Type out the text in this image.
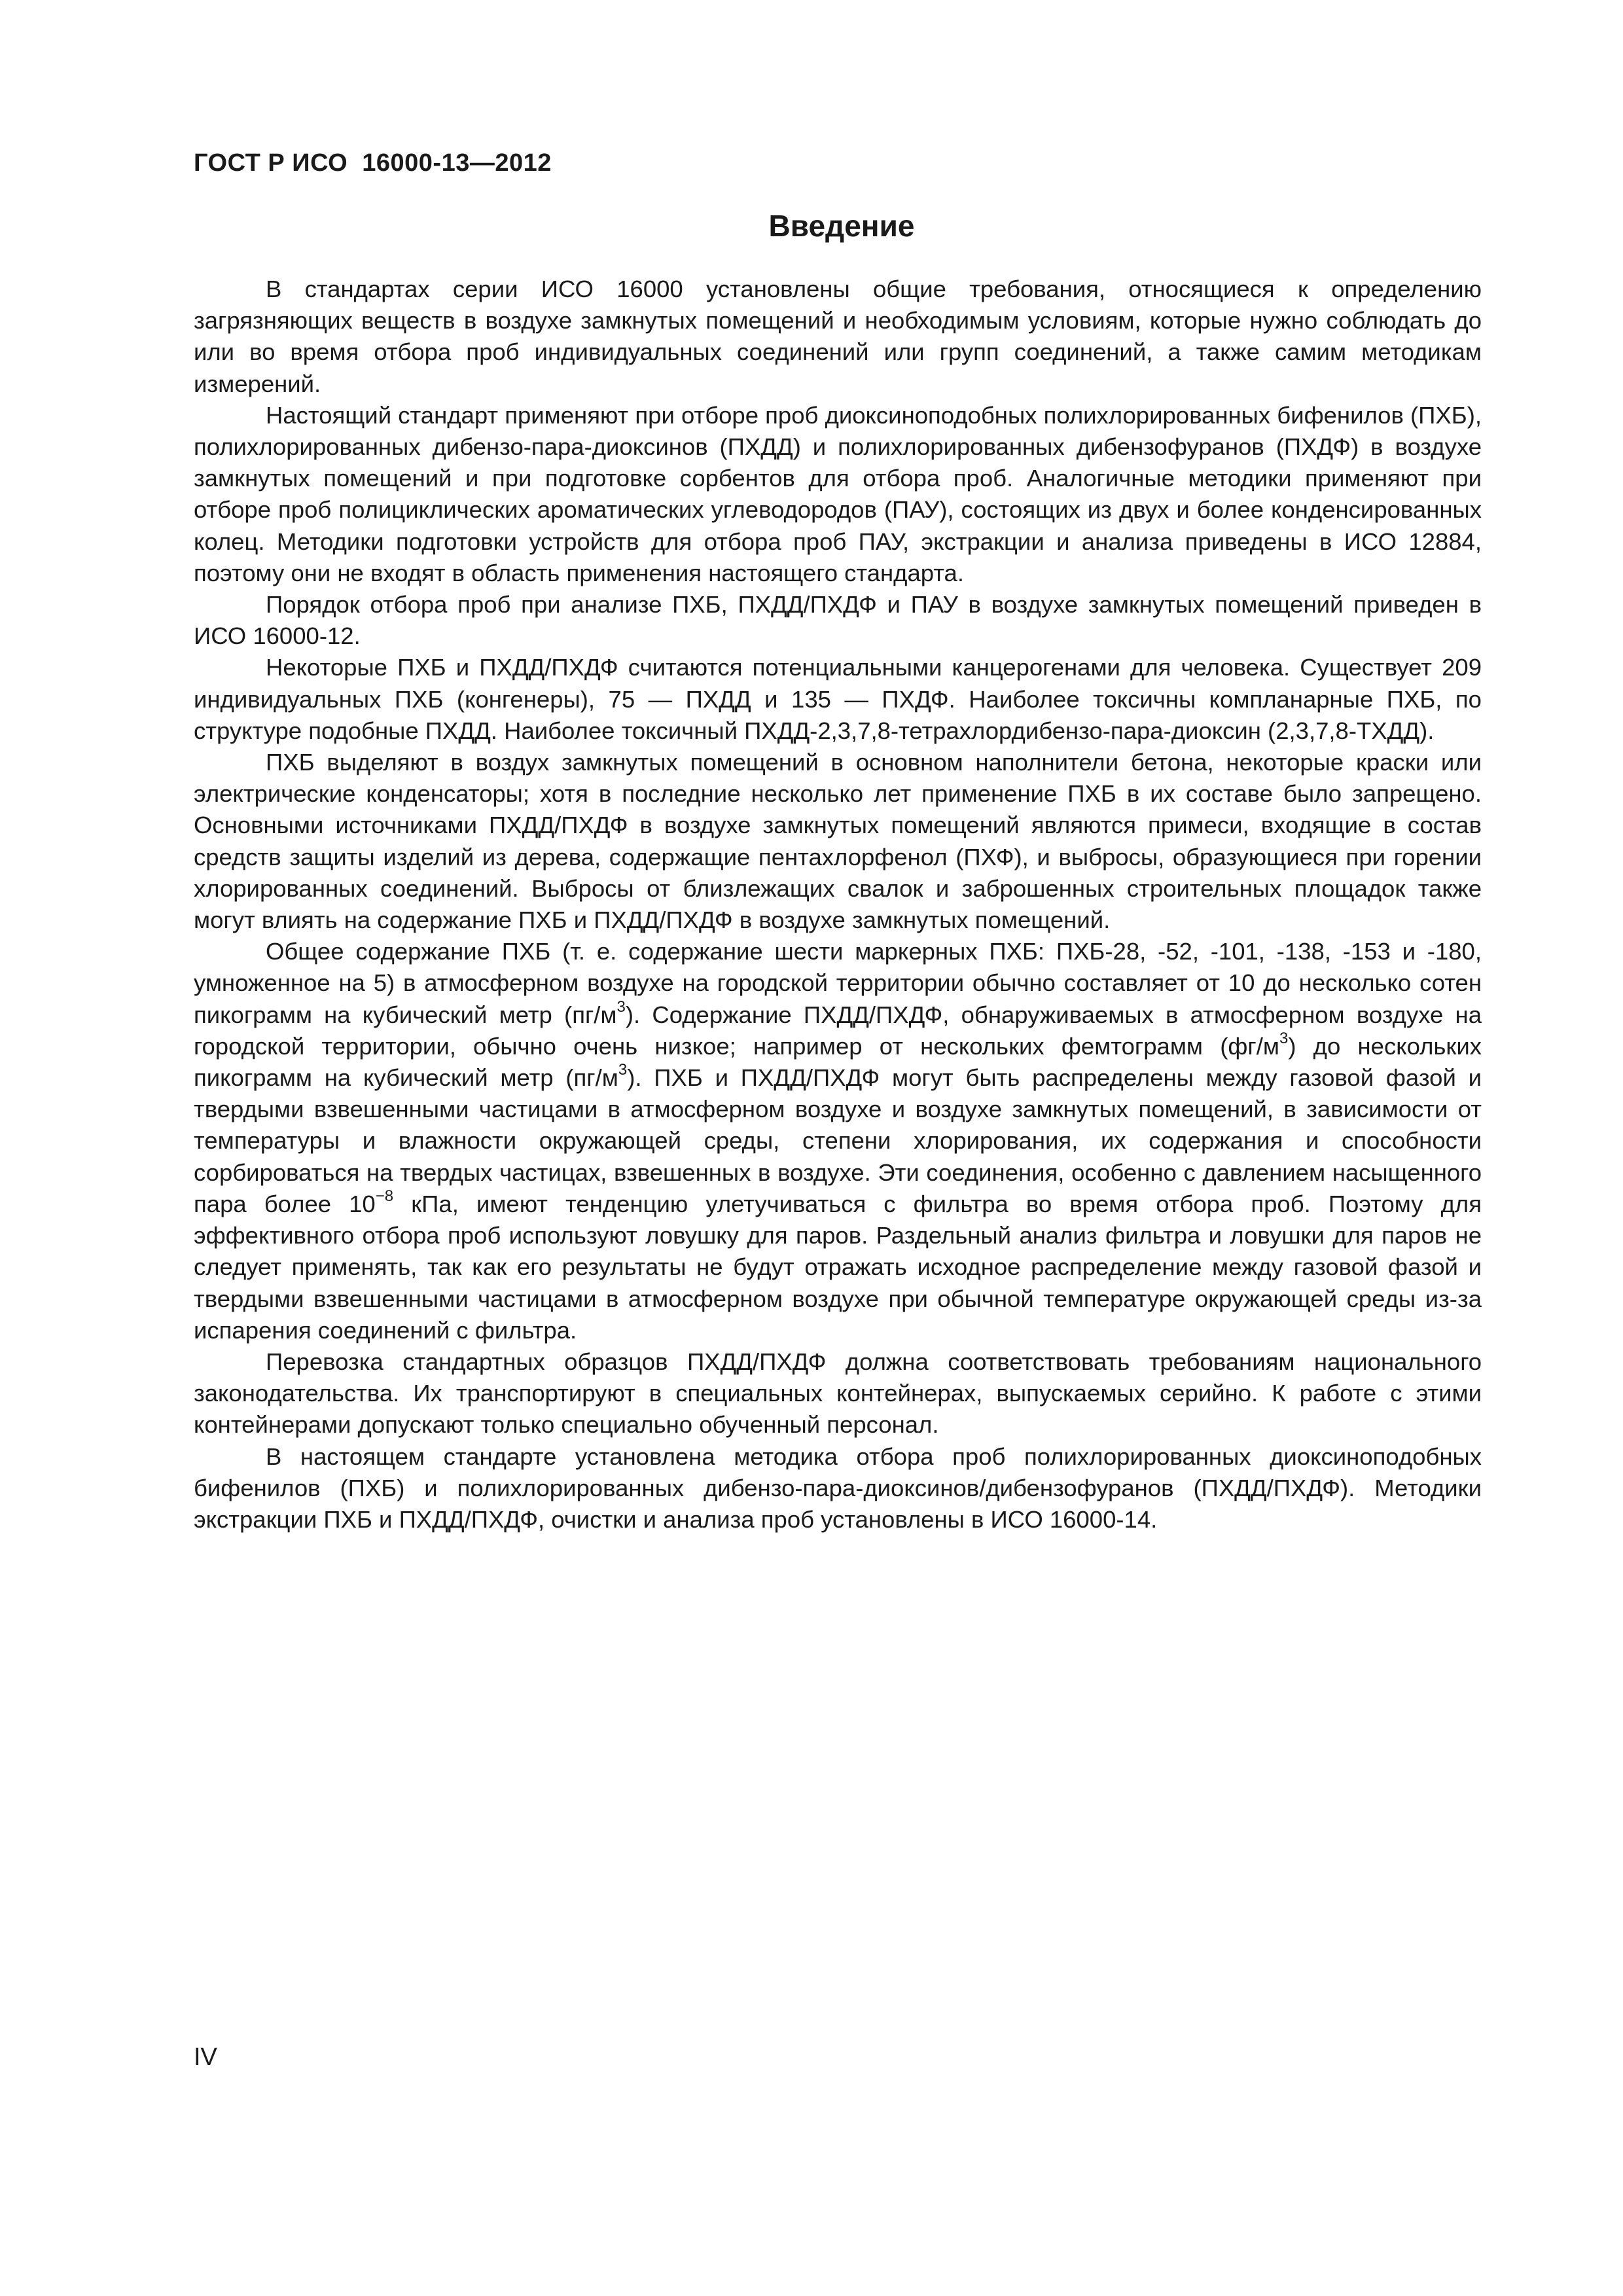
ГОСТ Р ИСО  16000-13—2012
Введение

В стандартах серии ИСО 16000 установлены общие требования, относящиеся к определению загрязняющих веществ в воздухе замкнутых помещений и необходимым условиям, которые нужно соблюдать до или во время отбора проб индивидуальных соединений или групп соединений, а также самим методикам измерений.

Настоящий стандарт применяют при отборе проб диоксиноподобных полихлорированных бифенилов (ПХБ), полихлорированных дибензо-пара-диоксинов (ПХДД) и полихлорированных дибензофуранов (ПХДФ) в воздухе замкнутых помещений и при подготовке сорбентов для отбора проб. Аналогичные методики применяют при отборе проб полициклических ароматических углеводородов (ПАУ), состоящих из двух и более конденсированных колец. Методики подготовки устройств для отбора проб ПАУ, экстракции и анализа приведены в ИСО 12884, поэтому они не входят в область применения настоящего стандарта.

Порядок отбора проб при анализе ПХБ, ПХДД/ПХДФ и ПАУ в воздухе замкнутых помещений приведен в ИСО 16000-12.

Некоторые ПХБ и ПХДД/ПХДФ считаются потенциальными канцерогенами для человека. Существует 209 индивидуальных ПХБ (конгенеры), 75 — ПХДД и 135 — ПХДФ. Наиболее токсичны компланарные ПХБ, по структуре подобные ПХДД. Наиболее токсичный ПХДД-2,3,7,8-тетрахлордибензо-пара-диоксин (2,3,7,8-ТХДД).

ПХБ выделяют в воздух замкнутых помещений в основном наполнители бетона, некоторые краски или электрические конденсаторы; хотя в последние несколько лет применение ПХБ в их составе было запрещено. Основными источниками ПХДД/ПХДФ в воздухе замкнутых помещений являются примеси, входящие в состав средств защиты изделий из дерева, содержащие пентахлорфенол (ПХФ), и выбросы, образующиеся при горении хлорированных соединений. Выбросы от близлежащих свалок и заброшенных строительных площадок также могут влиять на содержание ПХБ и ПХДД/ПХДФ в воздухе замкнутых помещений.

Общее содержание ПХБ (т. е. содержание шести маркерных ПХБ: ПХБ-28, -52, -101, -138, -153 и -180, умноженное на 5) в атмосферном воздухе на городской территории обычно составляет от 10 до несколько сотен пикограмм на кубический метр $(пг/м^3)$. Содержание ПХДД/ПХДФ, обнаруживаемых в атмосферном воздухе на городской территории, обычно очень низкое; например от нескольких фемтограмм $(фг/м^3)$ до нескольких пикограмм на кубический метр $(пг/м^3)$. ПХБ и ПХДД/ПХДФ могут быть распределены между газовой фазой и твердыми взвешенными частицами в атмосферном воздухе и воздухе замкнутых помещений, в зависимости от температуры и влажности окружающей среды, степени хлорирования, их содержания и способности сорбироваться на твердых частицах, взвешенных в воздухе. Эти соединения, особенно с давлением насыщенного пара более $10^{-8}$ кПа, имеют тенденцию улетучиваться с фильтра во время отбора проб. Поэтому для эффективного отбора проб используют ловушку для паров. Раздельный анализ фильтра и ловушки для паров не следует применять, так как его результаты не будут отражать исходное распределение между газовой фазой и твердыми взвешенными частицами в атмосферном воздухе при обычной температуре окружающей среды из-за испарения соединений с фильтра.

Перевозка стандартных образцов ПХДД/ПХДФ должна соответствовать требованиям национального законодательства. Их транспортируют в специальных контейнерах, выпускаемых серийно. К работе с этими контейнерами допускают только специально обученный персонал.

В настоящем стандарте установлена методика отбора проб полихлорированных диоксиноподобных бифенилов (ПХБ) и полихлорированных дибензо-пара-диоксинов/дибензофуранов (ПХДД/ПХДФ). Методики экстракции ПХБ и ПХДД/ПХДФ, очистки и анализа проб установлены в ИСО 16000-14.

IV
